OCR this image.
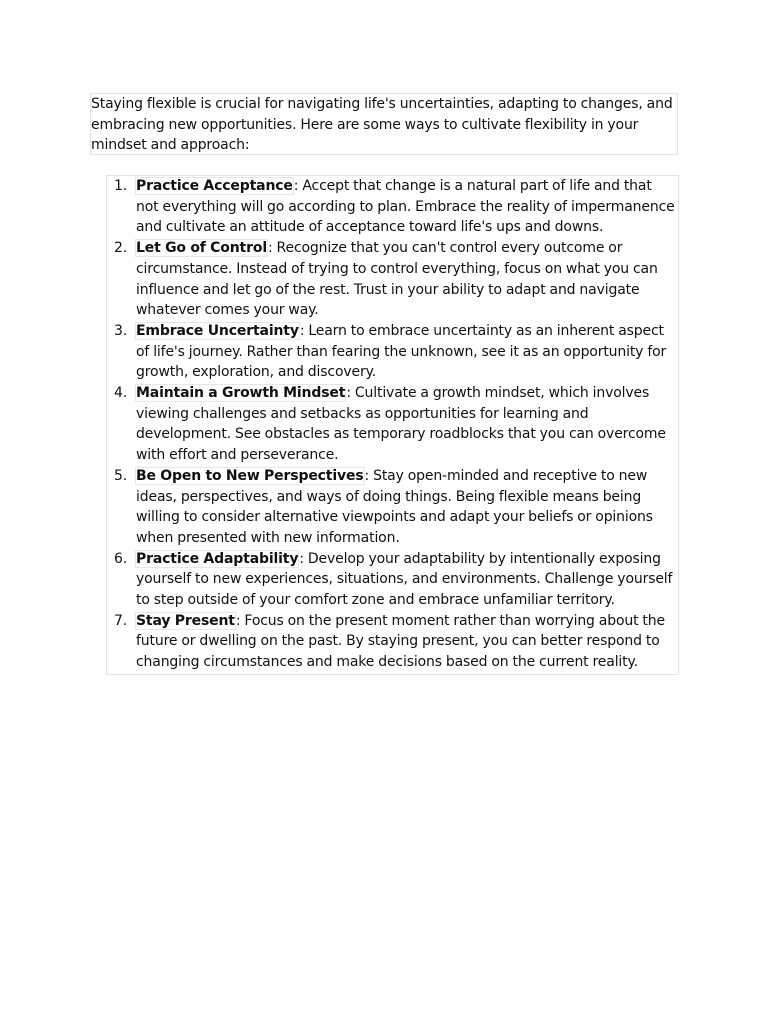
Staying flexible is crucial for navigating life's uncertainties, adapting to changes, and embracing new opportunities. Here are some ways to cultivate flexibility in your mindset and approach:

1. Practice Acceptance: Accept that change is a natural part of life and that not everything will go according to plan. Embrace the reality of impermanence and cultivate an attitude of acceptance toward life's ups and downs.
2. Let Go of Control: Recognize that you can't control every outcome or circumstance. Instead of trying to control everything, focus on what you can influence and let go of the rest. Trust in your ability to adapt and navigate whatever comes your way.
3. Embrace Uncertainty: Learn to embrace uncertainty as an inherent aspect of life's journey. Rather than fearing the unknown, see it as an opportunity for growth, exploration, and discovery.
4. Maintain a Growth Mindset: Cultivate a growth mindset, which involves viewing challenges and setbacks as opportunities for learning and development. See obstacles as temporary roadblocks that you can overcome with effort and perseverance.
5. Be Open to New Perspectives: Stay open-minded and receptive to new ideas, perspectives, and ways of doing things. Being flexible means being willing to consider alternative viewpoints and adapt your beliefs or opinions when presented with new information.
6. Practice Adaptability: Develop your adaptability by intentionally exposing yourself to new experiences, situations, and environments. Challenge yourself to step outside of your comfort zone and embrace unfamiliar territory.
7. Stay Present: Focus on the present moment rather than worrying about the future or dwelling on the past. By staying present, you can better respond to changing circumstances and make decisions based on the current reality.
